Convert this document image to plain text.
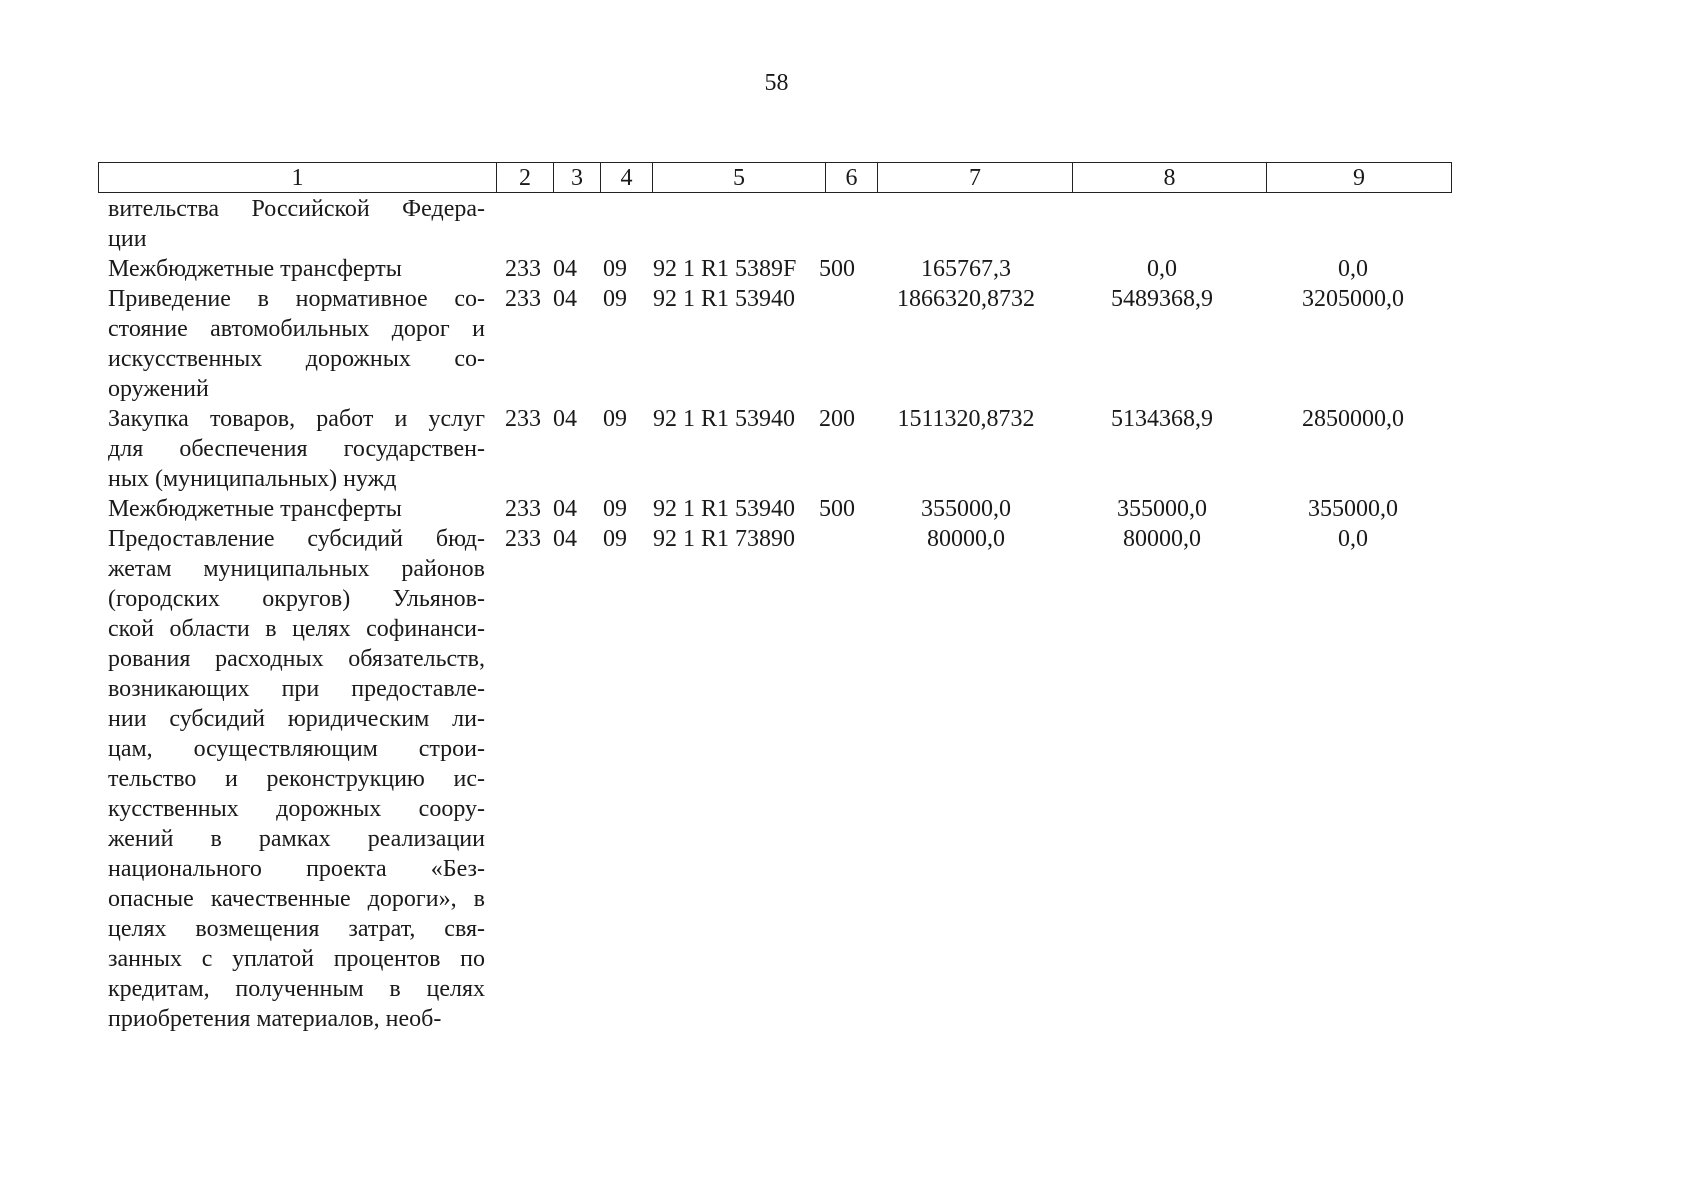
58
1	2	3	4	5	6	7	8	9
вительства Российской Федера-
ции
Межбюджетные трансферты	233 04	09	92 1 R1 5389F 500	165767,3	0,0	0,0
Приведение в нормативное со-
стояние автомобильных дорог и
искусственных дорожных со-
оружений
233 04	09	92 1 R1 53940	1866320,8732	5489368,9	3205000,0
Закупка товаров, работ и услуг
для обеспечения государствен-
ных (муниципальных) нужд
233 04	09	92 1 R1 53940 200	1511320,8732	5134368,9	2850000,0
Межбюджетные трансферты	233 04	09	92 1 R1 53940 500	355000,0	355000,0	355000,0
Предоставление субсидий бюд-
жетам муниципальных районов
(городских округов) Ульянов-
ской области в целях софинанси-
рования расходных обязательств,
возникающих при предоставле-
нии субсидий юридическим ли-
цам, осуществляющим строи-
тельство и реконструкцию ис-
кусственных дорожных соору-
жений в рамках реализации
национального проекта «Без-
опасные качественные дороги», в
целях возмещения затрат, свя-
занных с уплатой процентов по
кредитам, полученным в целях
приобретения материалов, необ-
233 04	09	92 1 R1 73890	80000,0	80000,0	0,0
